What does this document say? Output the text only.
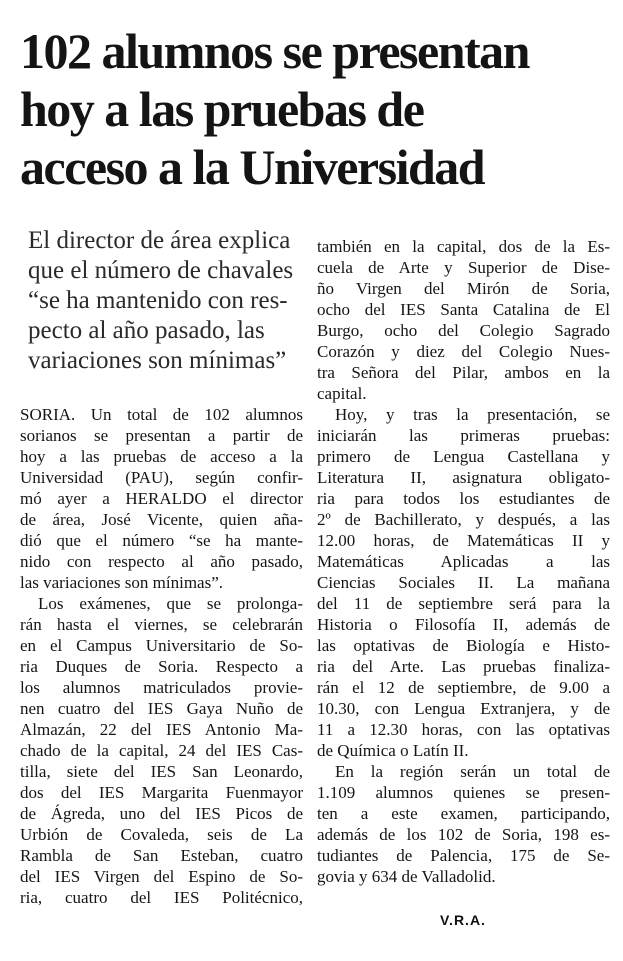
102 alumnos se presentan
hoy a las pruebas de
acceso a la Universidad
El director de área explica
que el número de chavales
“se ha mantenido con res-
pecto al año pasado, las
variaciones son mínimas”
SORIA. Un total de 102 alumnos
sorianos se presentan a partir de
hoy a las pruebas de acceso a la
Universidad (PAU), según confir-
mó ayer a HERALDO el director
de área, José Vicente, quien aña-
dió que el número “se ha mante-
nido con respecto al año pasado,
las variaciones son mínimas”.
Los exámenes, que se prolonga-
rán hasta el viernes, se celebrarán
en el Campus Universitario de So-
ria Duques de Soria. Respecto a
los alumnos matriculados provie-
nen cuatro del IES Gaya Nuño de
Almazán, 22 del IES Antonio Ma-
chado de la capital, 24 del IES Cas-
tilla, siete del IES San Leonardo,
dos del IES Margarita Fuenmayor
de Ágreda, uno del IES Picos de
Urbión de Covaleda, seis de La
Rambla de San Esteban, cuatro
del IES Virgen del Espino de So-
ria, cuatro del IES Politécnico,
también en la capital, dos de la Es-
cuela de Arte y Superior de Dise-
ño Virgen del Mirón de Soria,
ocho del IES Santa Catalina de El
Burgo, ocho del Colegio Sagrado
Corazón y diez del Colegio Nues-
tra Señora del Pilar, ambos en la
capital.
Hoy, y tras la presentación, se
iniciarán las primeras pruebas:
primero de Lengua Castellana y
Literatura II, asignatura obligato-
ria para todos los estudiantes de
2º de Bachillerato, y después, a las
12.00 horas, de Matemáticas II y
Matemáticas Aplicadas a las
Ciencias Sociales II. La mañana
del 11 de septiembre será para la
Historia o Filosofía II, además de
las optativas de Biología e Histo-
ria del Arte. Las pruebas finaliza-
rán el 12 de septiembre, de 9.00 a
10.30, con Lengua Extranjera, y de
11 a 12.30 horas, con las optativas
de Química o Latín II.
En la región serán un total de
1.109 alumnos quienes se presen-
ten a este examen, participando,
además de los 102 de Soria, 198 es-
tudiantes de Palencia, 175 de Se-
govia y 634 de Valladolid.
V.R.A.
